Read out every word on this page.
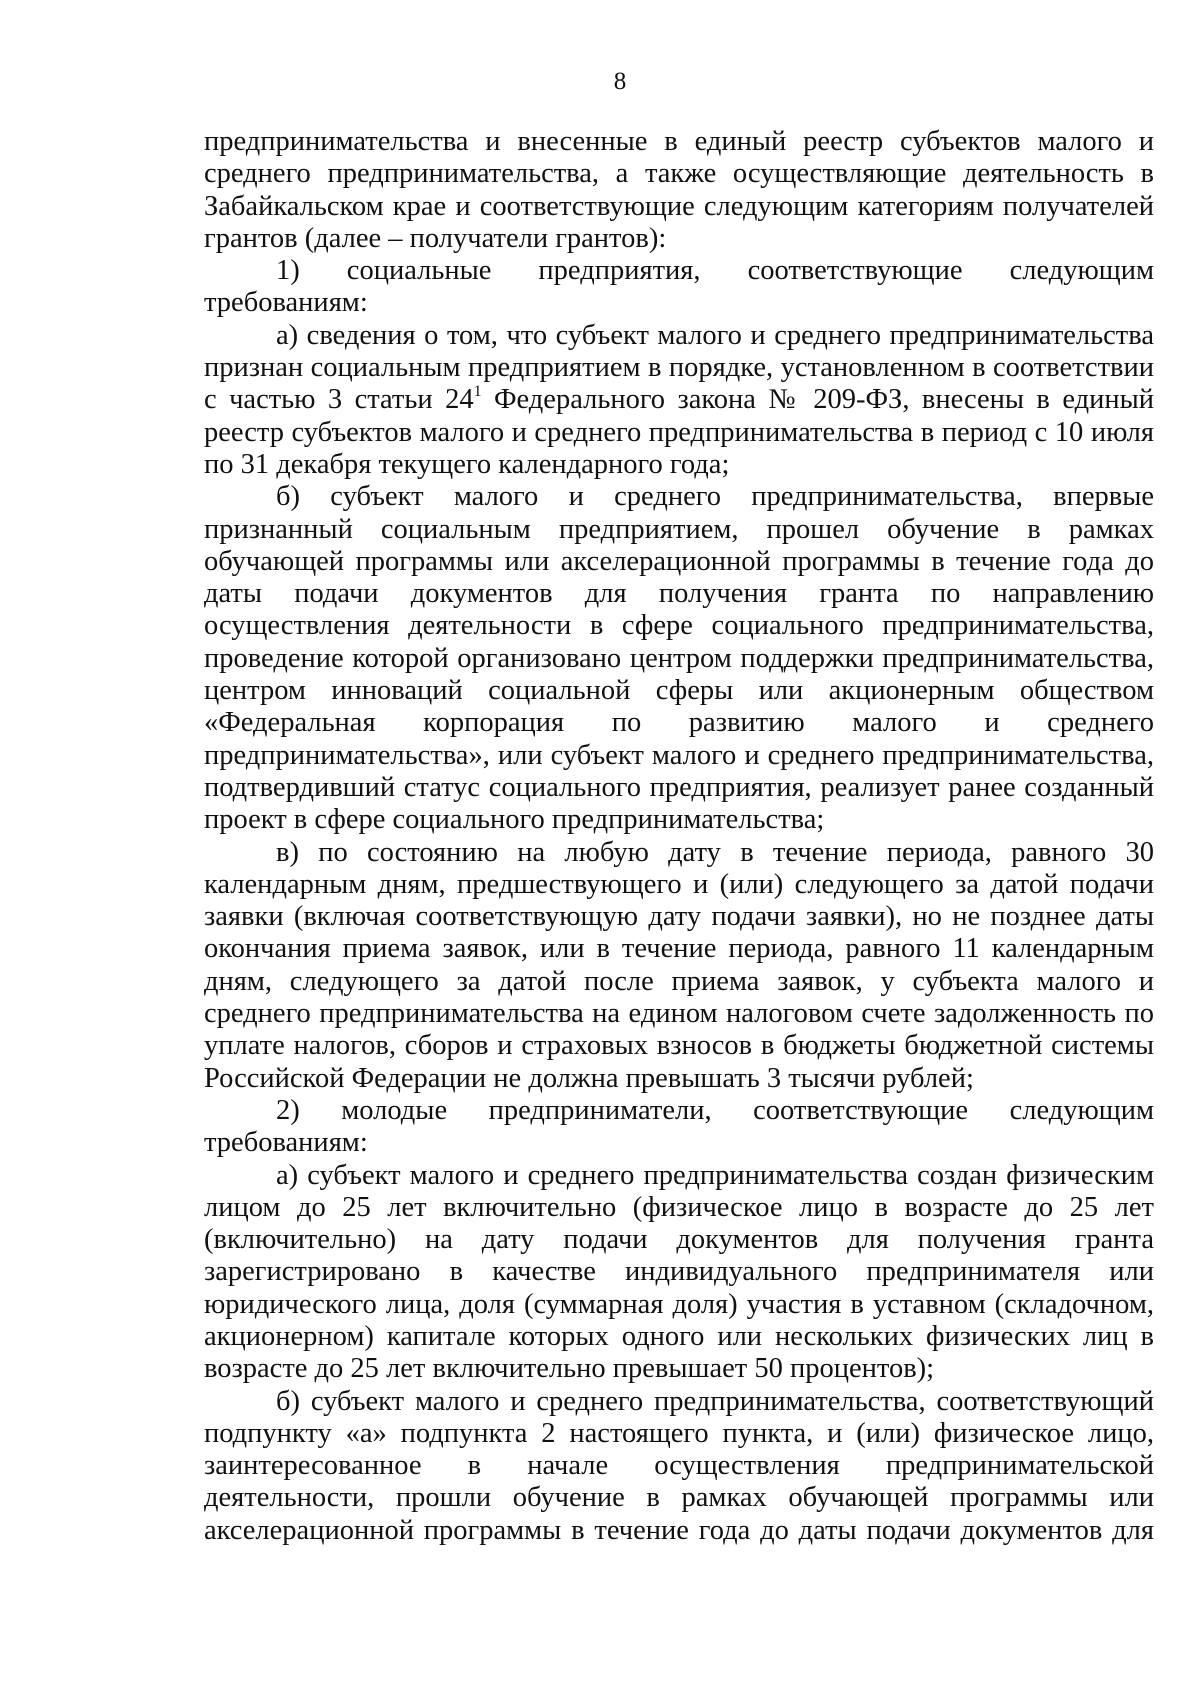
8

предпринимательства и внесенные в единый реестр субъектов малого и среднего предпринимательства, а также осуществляющие деятельность в Забайкальском крае и соответствующие следующим категориям получателей грантов (далее – получатели грантов):

1) социальные предприятия, соответствующие следующим требованиям:

а) сведения о том, что субъект малого и среднего предпринимательства признан социальным предприятием в порядке, установленном в соответствии с частью 3 статьи $24^1$ Федерального закона № 209-ФЗ, внесены в единый реестр субъектов малого и среднего предпринимательства в период с 10 июля по 31 декабря текущего календарного года;

б) субъект малого и среднего предпринимательства, впервые признанный социальным предприятием, прошел обучение в рамках обучающей программы или акселерационной программы в течение года до даты подачи документов для получения гранта по направлению осуществления деятельности в сфере социального предпринимательства, проведение которой организовано центром поддержки предпринимательства, центром инноваций социальной сферы или акционерным обществом «Федеральная корпорация по развитию малого и среднего предпринимательства», или субъект малого и среднего предпринимательства, подтвердивший статус социального предприятия, реализует ранее созданный проект в сфере социального предпринимательства;

в) по состоянию на любую дату в течение периода, равного 30 календарным дням, предшествующего и (или) следующего за датой подачи заявки (включая соответствующую дату подачи заявки), но не позднее даты окончания приема заявок, или в течение периода, равного 11 календарным дням, следующего за датой после приема заявок, у субъекта малого и среднего предпринимательства на едином налоговом счете задолженность по уплате налогов, сборов и страховых взносов в бюджеты бюджетной системы Российской Федерации не должна превышать 3 тысячи рублей;

2) молодые предприниматели, соответствующие следующим требованиям:

а) субъект малого и среднего предпринимательства создан физическим лицом до 25 лет включительно (физическое лицо в возрасте до 25 лет (включительно) на дату подачи документов для получения гранта зарегистрировано в качестве индивидуального предпринимателя или юридического лица, доля (суммарная доля) участия в уставном (складочном, акционерном) капитале которых одного или нескольких физических лиц в возрасте до 25 лет включительно превышает 50 процентов);

б) субъект малого и среднего предпринимательства, соответствующий подпункту «а» подпункта 2 настоящего пункта, и (или) физическое лицо, заинтересованное в начале осуществления предпринимательской деятельности, прошли обучение в рамках обучающей программы или акселерационной программы в течение года до даты подачи документов для
